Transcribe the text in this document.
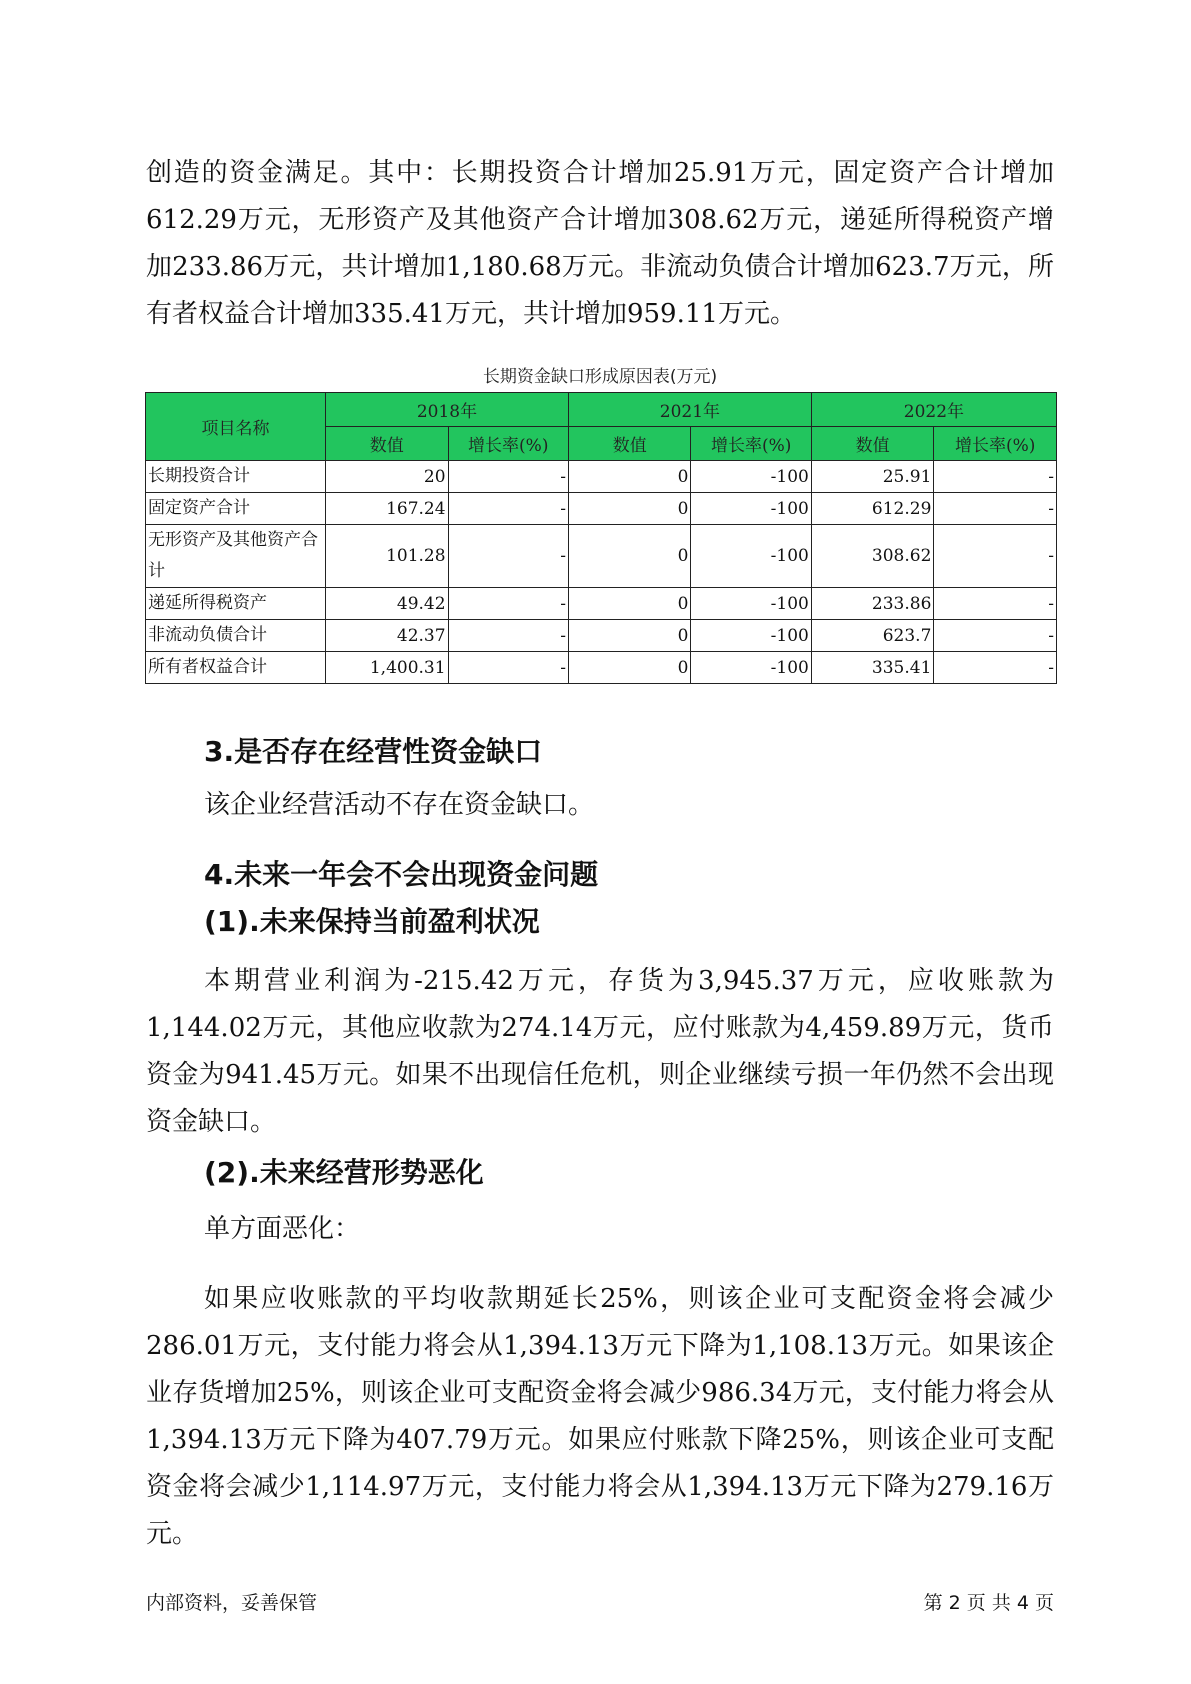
创造的资金满足。其中：长期投资合计增加25.91万元，固定资产合计增加612.29万元，无形资产及其他资产合计增加308.62万元，递延所得税资产增加233.86万元，共计增加1,180.68万元。非流动负债合计增加623.7万元，所有者权益合计增加335.41万元，共计增加959.11万元。

长期资金缺口形成原因表(万元)
项目名称	2018年		2021年		2022年	
	数值	增长率(%)	数值	增长率(%)	数值	增长率(%)
长期投资合计	20	-	0	-100	25.91	-
固定资产合计	167.24	-	0	-100	612.29	-
无形资产及其他资产合计	101.28	-	0	-100	308.62	-
递延所得税资产	49.42	-	0	-100	233.86	-
非流动负债合计	42.37	-	0	-100	623.7	-
所有者权益合计	1,400.31	-	0	-100	335.41	-
3.是否存在经营性资金缺口

该企业经营活动不存在资金缺口。

4.未来一年会不会出现资金问题
(1).未来保持当前盈利状况

本期营业利润为-215.42万元，存货为3,945.37万元，应收账款为1,144.02万元，其他应收款为274.14万元，应付账款为4,459.89万元，货币资金为941.45万元。如果不出现信任危机，则企业继续亏损一年仍然不会出现资金缺口。

(2).未来经营形势恶化

单方面恶化：

如果应收账款的平均收款期延长25%，则该企业可支配资金将会减少286.01万元，支付能力将会从1,394.13万元下降为1,108.13万元。如果该企业存货增加25%，则该企业可支配资金将会减少986.34万元，支付能力将会从1,394.13万元下降为407.79万元。如果应付账款下降25%，则该企业可支配资金将会减少1,114.97万元，支付能力将会从1,394.13万元下降为279.16万元。

内部资料，妥善保管	第 2 页 共 4 页
